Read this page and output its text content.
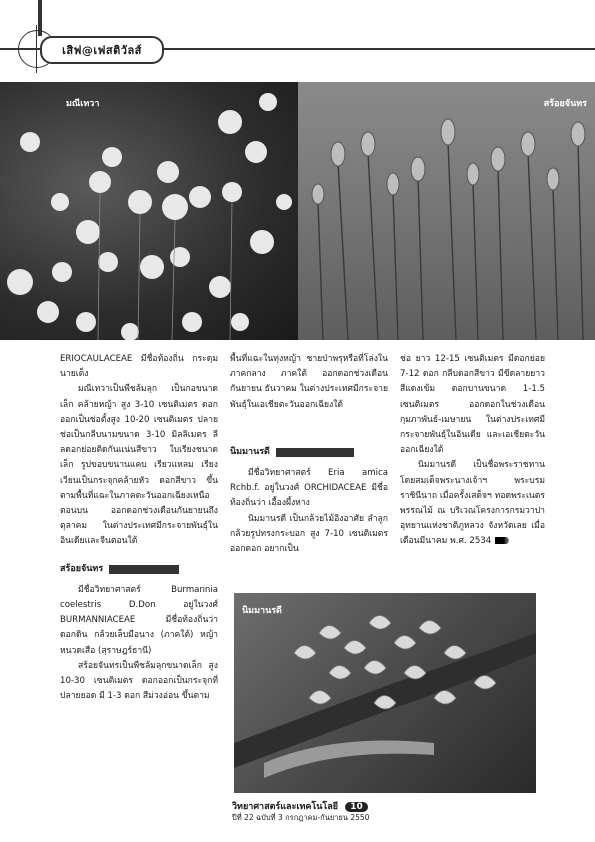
เสิฟ@เฟสติวัลส์
มณีเทวา	สร้อยจันทร

ERIOCAULACEAE มีชื่อท้องถิ่น กระดุมนายเต็ง

มณีเทวาเป็นพืชล้มลุก เป็นกอขนาดเล็ก คล้ายหญ้า สูง 3-10 เซนติเมตร ดอกออกเป็นช่อตั้งสูง 10-20 เซนติเมตร ปลายช่อเป็นกลีบนามขนาด 3-10 มิลลิเมตร ลีลดอกย่อยติดกันแน่นสีขาว ใบเรียงชนาดเล็ก รูปขอบขนานแคบ เรียวแหลม เรียงเวียนเป็นกระจุกคล้ายหัว ดอกสีขาว ขึ้นตามพื้นที่แฉะในภาคตะวันออกเฉียงเหนือตอนบน ออกดอกช่วงเดือนกันยายนถึงตุลาคม ในต่างประเทศมีกระจายพันธุ์ในอินเดียและจีนตอนใต้

สร้อยจันทร

มีชื่อวิทยาศาสตร์ Burmannia coelestris D.Don อยู่ในวงศ์ BURMANNIACEAE มีชื่อท้องถิ่นว่า ดอกดิน กล้วยเล็บมือนาง (ภาคใต้) หญ้าหนวดเสือ (สุราษฎร์ธานี)

สร้อยจันทรเป็นพืชล้มลุกขนาดเล็ก สูง 10-30 เซนติเมตร ดอกออกเป็นกระจุกที่ปลายยอด มี 1-3 ดอก สีม่วงอ่อน ขึ้นตาม

พื้นที่แฉะในทุ่งหญ้า ชายป่าพรุหรือที่โล่งในภาคกลาง ภาคใต้ ออกดอกช่วงเดือนกันยายน ธันวาคม ในต่างประเทศมีกระจายพันธุ์ในเอเชียตะวันออกเฉียงใต้

นิมมานรดี

มีชื่อวิทยาศาสตร์ Eria amica Rchb.f. อยู่ในวงศ์ ORCHIDACEAE มีชื่อท้องถิ่นว่า เอื้องผึ้งหาง

นิมมานรดี เป็นกล้วยไม้อิงอาศัย ลำลูกกล้วยรูปทรงกระบอก สูง 7-10 เซนติเมตร ออกดอก อยากเป็น

ช่อ ยาว 12-15 เซนติเมตร มีดอกย่อย 7-12 ดอก กลีบดอกสีขาว มีขีดลายยาว สีแดงเข้ม ดอกบานขนาด 1-1.5 เซนติเมตร ออกดอกในช่วงเดือนกุมภาพันธ์-เมษายน ในต่างประเทศมีกระจายพันธุ์ในอินเดีย และเอเชียตะวันออกเฉียงใต้

นิมมานรดี เป็นชื่อพระราชทาน โดยสมเด็จพระนางเจ้าฯ พระบรมราชินีนาถ เมื่อครั้งเสด็จฯ ทอดพระเนตรพรรณไม้ ณ บริเวณโครงการกรมวาปา อุทยานแห่งชาติภูหลวง จังหวัดเลย เมื่อเดือนมีนาคม พ.ศ. 2534

นิมมานรดี
วิทยาศาสตร์และเทคโนโลยี 10
ปีที่ 22 ฉบับที่ 3 กรกฎาคม-กันยายน 2550
